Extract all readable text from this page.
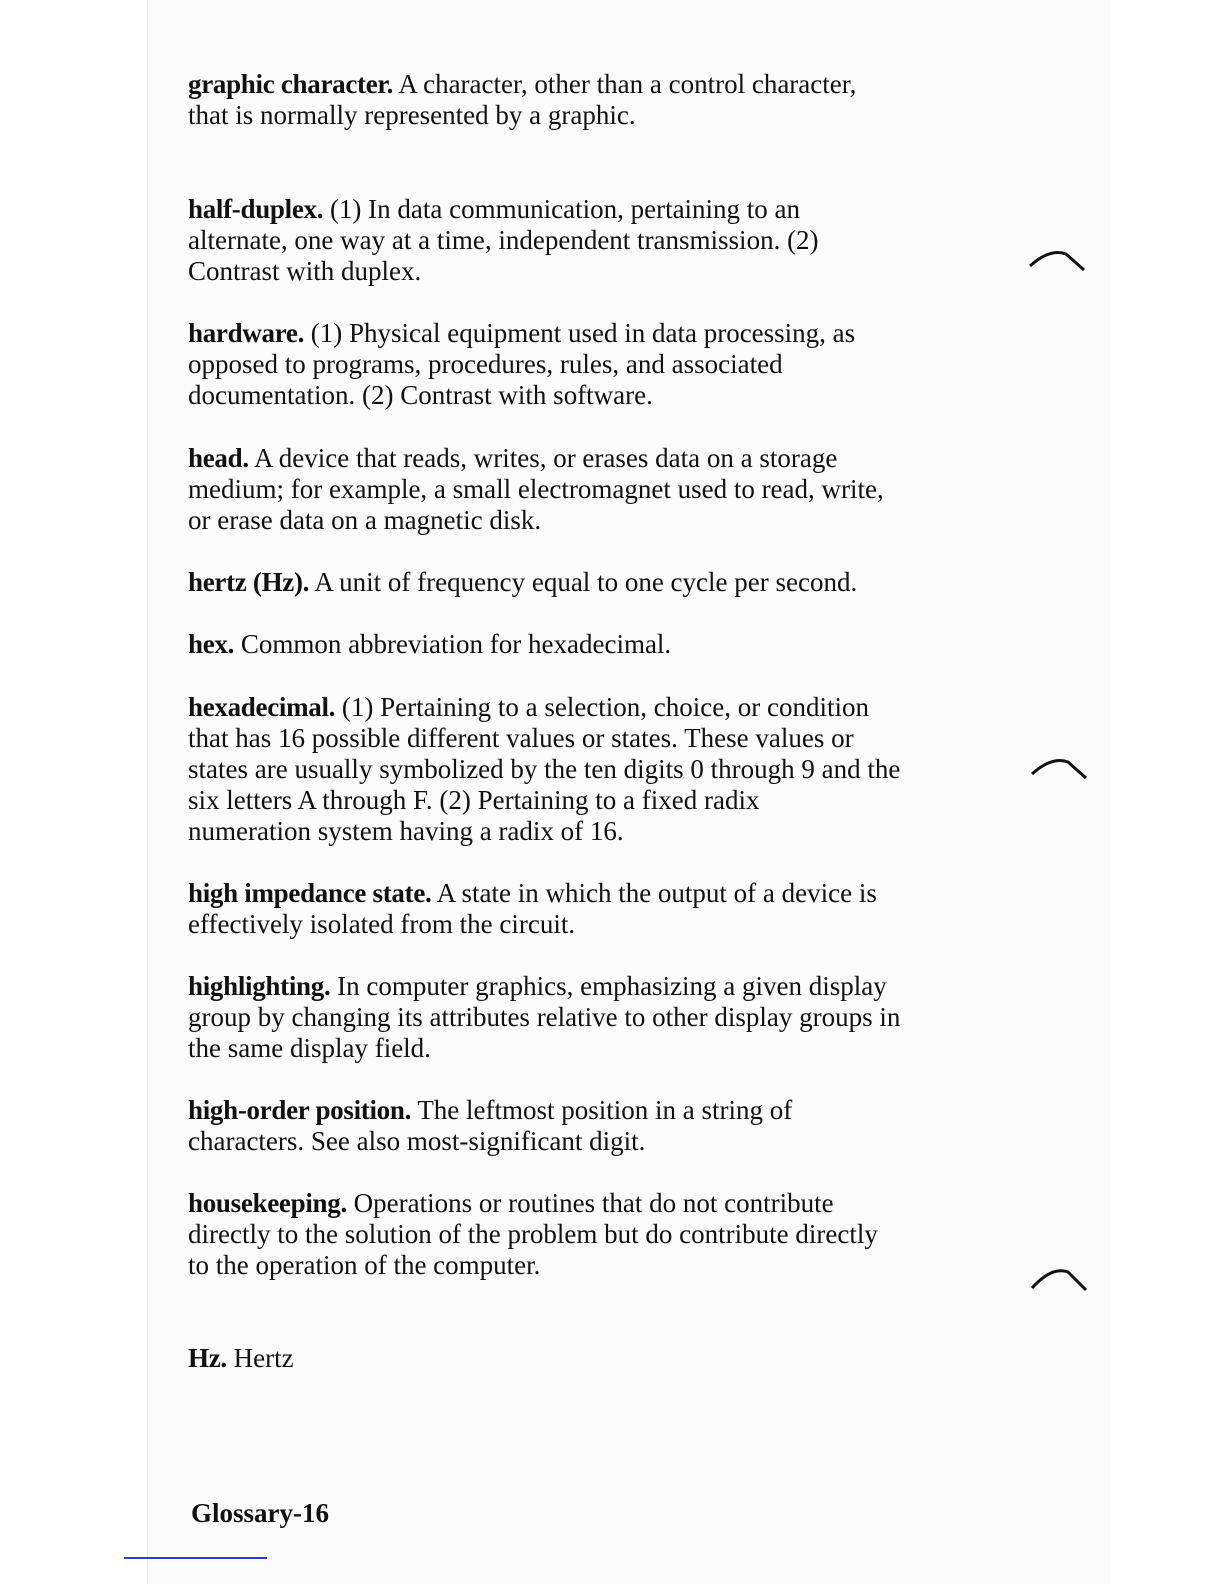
graphic character. A character, other than a control character,
that is normally represented by a graphic.
half-duplex. (1) In data communication, pertaining to an
alternate, one way at a time, independent transmission. (2)
Contrast with duplex.
hardware. (1) Physical equipment used in data processing, as
opposed to programs, procedures, rules, and associated
documentation. (2) Contrast with software.
head. A device that reads, writes, or erases data on a storage
medium; for example, a small electromagnet used to read, write,
or erase data on a magnetic disk.
hertz (Hz). A unit of frequency equal to one cycle per second.
hex. Common abbreviation for hexadecimal.
hexadecimal. (1) Pertaining to a selection, choice, or condition
that has 16 possible different values or states. These values or
states are usually symbolized by the ten digits 0 through 9 and the
six letters A through F. (2) Pertaining to a fixed radix
numeration system having a radix of 16.
high impedance state. A state in which the output of a device is
effectively isolated from the circuit.
highlighting. In computer graphics, emphasizing a given display
group by changing its attributes relative to other display groups in
the same display field.
high-order position. The leftmost position in a string of
characters. See also most-significant digit.
housekeeping. Operations or routines that do not contribute
directly to the solution of the problem but do contribute directly
to the operation of the computer.
Hz. Hertz
Glossary-16
